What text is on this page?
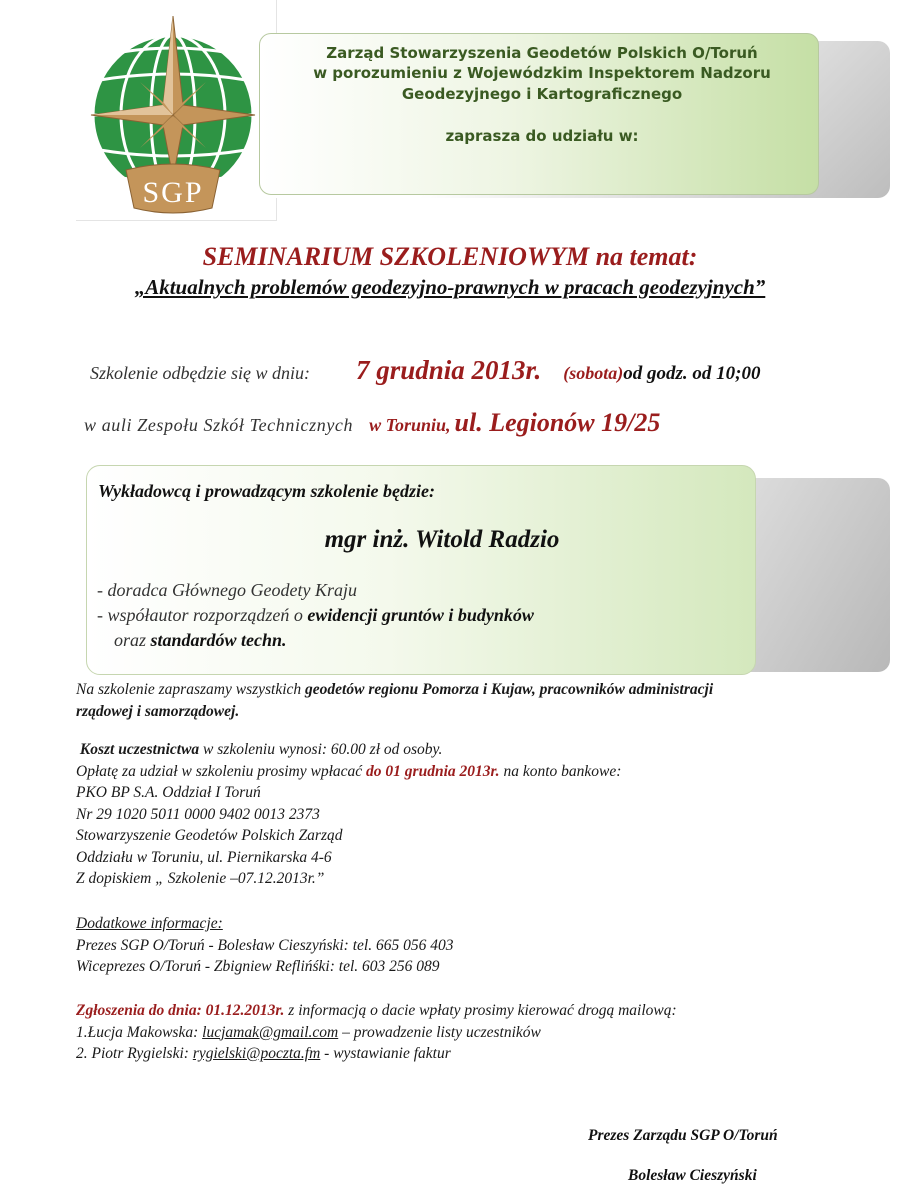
SGP
Zarząd Stowarzyszenia Geodetów Polskich O/Toruń
w porozumieniu z Wojewódzkim Inspektorem Nadzoru
Geodezyjnego i Kartograficznego
zaprasza do udziału w:
SEMINARIUM SZKOLENIOWYM na temat:
„Aktualnych problemów geodezyjno-prawnych w pracach geodezyjnych”
Szkolenie odbędzie się w dniu: 7 grudnia 2013r. (sobota)od godz. od 10;00
w auli Zespołu Szkół Technicznych w Toruniu, ul. Legionów 19/25
Wykładowcą i prowadzącym szkolenie będzie:
mgr inż. Witold Radzio
- doradca Głównego Geodety Kraju
- współautor rozporządzeń o ewidencji gruntów i budynków
oraz standardów techn.
Na szkolenie zapraszamy wszystkich geodetów regionu Pomorza i Kujaw, pracowników administracji
rządowej i samorządowej.
Koszt uczestnictwa w szkoleniu wynosi: 60.00 zł od osoby.
Opłatę za udział w szkoleniu prosimy wpłacać do 01 grudnia 2013r. na konto bankowe:
PKO BP S.A. Oddział I Toruń
Nr 29 1020 5011 0000 9402 0013 2373
Stowarzyszenie Geodetów Polskich Zarząd
Oddziału w Toruniu, ul. Piernikarska 4-6
Z dopiskiem „ Szkolenie –07.12.2013r.”
Dodatkowe informacje:
Prezes SGP O/Toruń - Bolesław Cieszyński: tel. 665 056 403
Wiceprezes O/Toruń - Zbigniew Reflińśki: tel. 603 256 089
Zgłoszenia do dnia: 01.12.2013r. z informacją o dacie wpłaty prosimy kierować drogą mailową:
1.Łucja Makowska: lucjamak@gmail.com – prowadzenie listy uczestników
2. Piotr Rygielski: rygielski@poczta.fm - wystawianie faktur
Prezes Zarządu SGP O/Toruń
Bolesław Cieszyński
